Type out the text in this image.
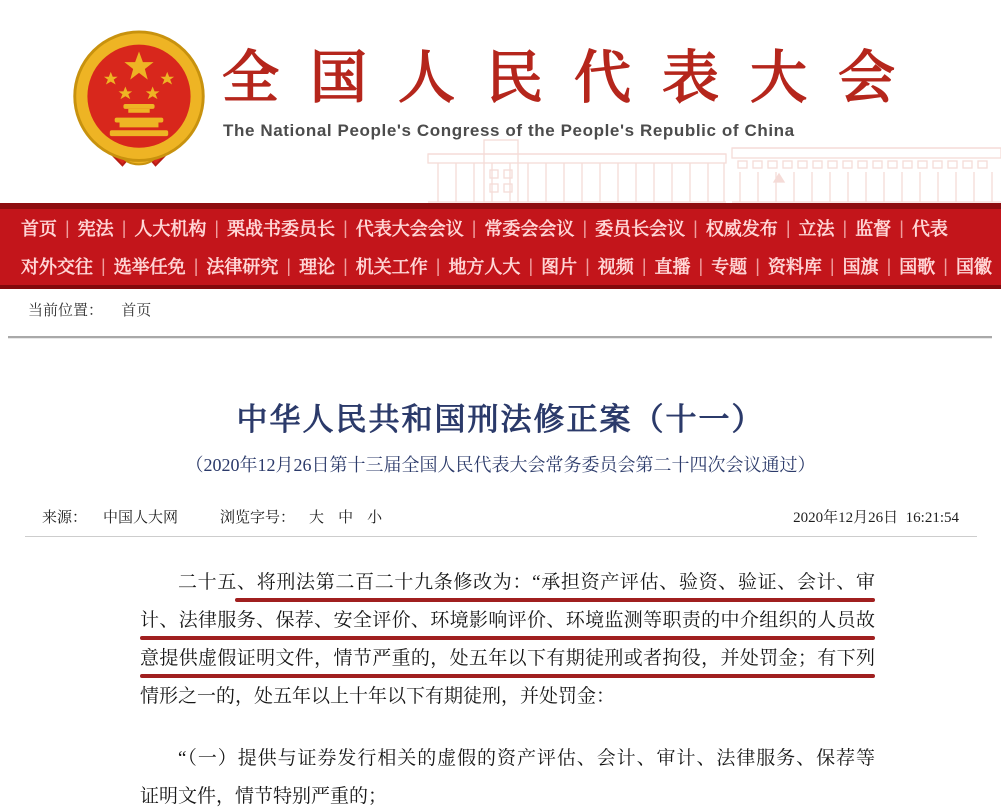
全国人民代表大会
The National People's Congress of the People's Republic of China
首页 | 宪法 | 人大机构 | 栗战书委员长 | 代表大会会议 | 常委会会议 | 委员长会议 | 权威发布 | 立法 | 监督 | 代表
对外交往 | 选举任免 | 法律研究 | 理论 | 机关工作 | 地方人大 | 图片 | 视频 | 直播 | 专题 | 资料库 | 国旗 | 国歌 | 国徽
当前位置： 首页
中华人民共和国刑法修正案（十一）
（2020年12月26日第十三届全国人民代表大会常务委员会第二十四次会议通过）
来源： 中国人大网	浏览字号： 大 中 小	2020年12月26日  16:21:54
二十五、将刑法第二百二十九条修改为：“承担资产评估、验资、验证、会计、审
计、法律服务、保荐、安全评价、环境影响评价、环境监测等职责的中介组织的人员故
意提供虚假证明文件，情节严重的，处五年以下有期徒刑或者拘役，并处罚金；有下列
情形之一的，处五年以上十年以下有期徒刑，并处罚金：
“（一）提供与证券发行相关的虚假的资产评估、会计、审计、法律服务、保荐等
证明文件，情节特别严重的；
